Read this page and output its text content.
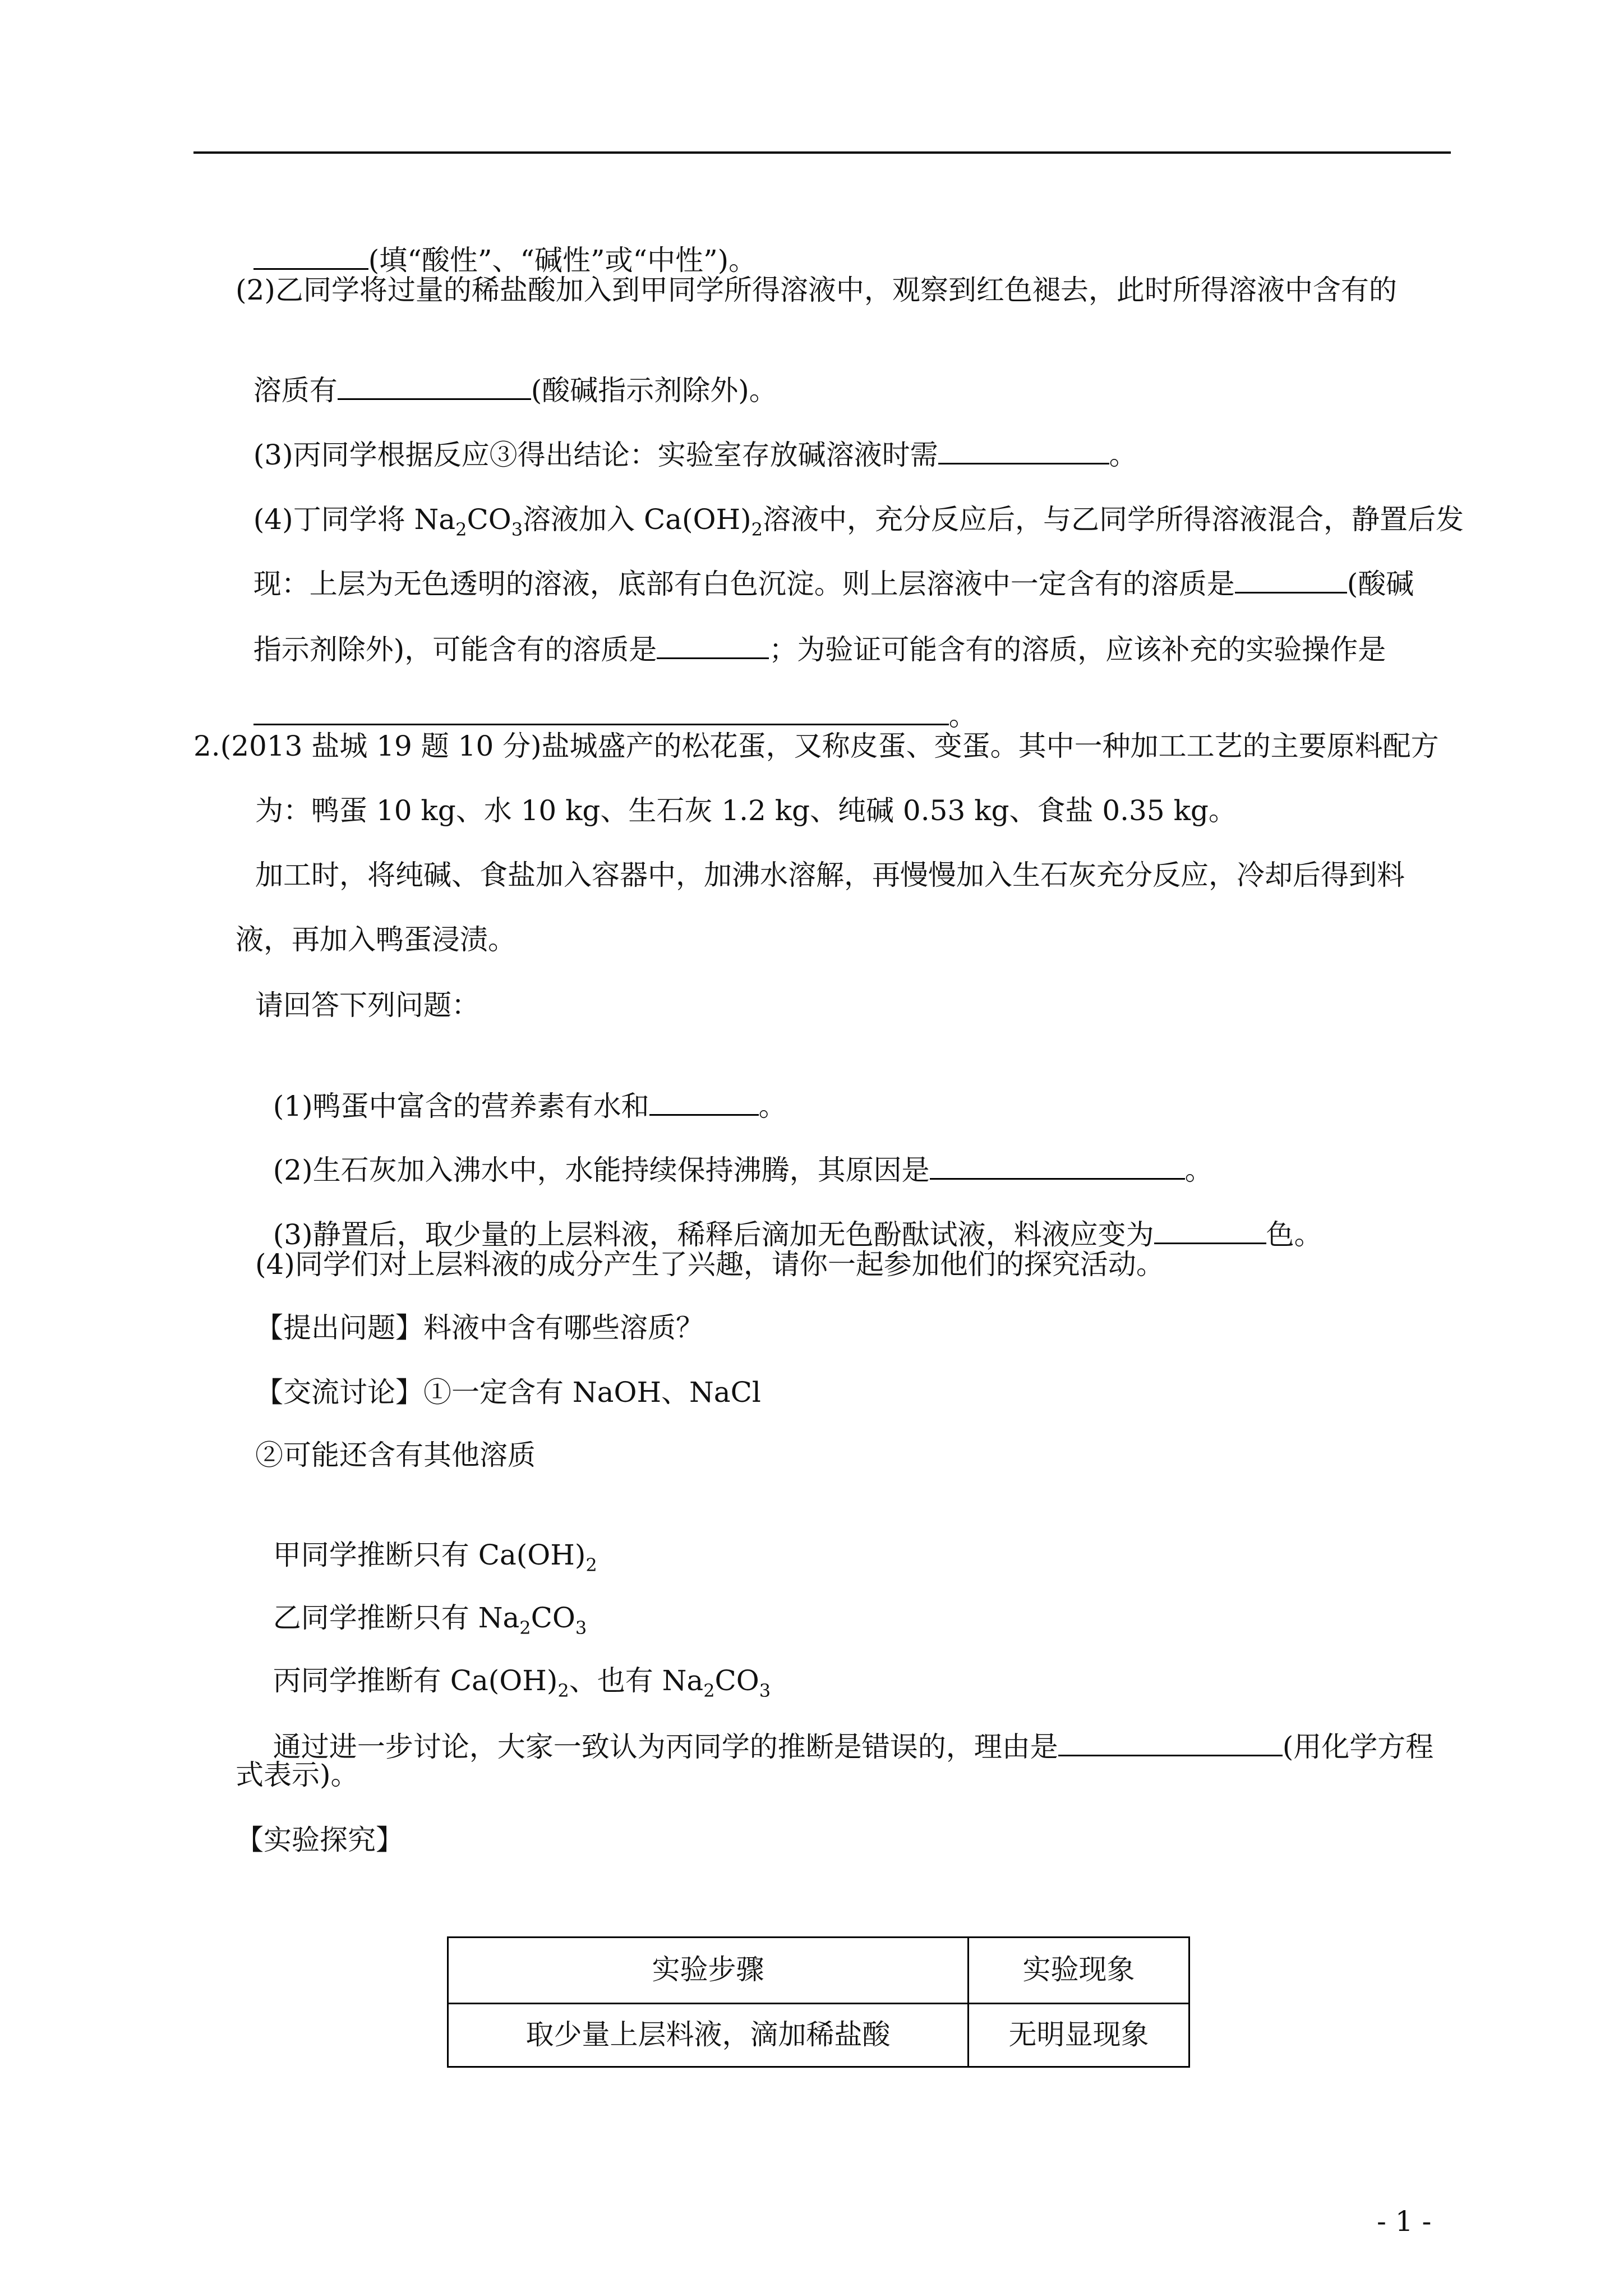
(填“酸性”、“碱性”或“中性”)。

(2)乙同学将过量的稀盐酸加入到甲同学所得溶液中，观察到红色褪去，此时所得溶液中含有的

溶质有	(酸碱指示剂除外)。

(3)丙同学根据反应③得出结论：实验室存放碱溶液时需	。

(4)丁同学将 $Na_2CO_3$溶液加入 $Ca(OH)_2$溶液中，充分反应后，与乙同学所得溶液混合，静置后发

现：上层为无色透明的溶液，底部有白色沉淀。则上层溶液中一定含有的溶质是	(酸碱

指示剂除外)，可能含有的溶质是	；为验证可能含有的溶质，应该补充的实验操作是

。

2.(2013 盐城 19 题 10 分)盐城盛产的松花蛋，又称皮蛋、变蛋。其中一种加工工艺的主要原料配方
为：鸭蛋 10 kg、水 10 kg、生石灰 1.2 kg、纯碱 0.53 kg、食盐 0.35 kg。
加工时，将纯碱、食盐加入容器中，加沸水溶解，再慢慢加入生石灰充分反应，冷却后得到料
液，再加入鸭蛋浸渍。
请回答下列问题：

(1)鸭蛋中富含的营养素有水和	。

(2)生石灰加入沸水中，水能持续保持沸腾，其原因是	。

(3)静置后，取少量的上层料液，稀释后滴加无色酚酞试液，料液应变为	色。

(4)同学们对上层料液的成分产生了兴趣，请你一起参加他们的探究活动。
【提出问题】料液中含有哪些溶质？
【交流讨论】①一定含有 NaOH、NaCl
②可能还含有其他溶质

甲同学推断只有 $Ca(OH)_2$

乙同学推断只有 $Na_2CO_3$

丙同学推断有 $Ca(OH)_2$、也有 $Na_2CO_3$

通过进一步讨论，大家一致认为丙同学的推断是错误的，理由是	(用化学方程

式表示)。
【实验探究】
实验步骤	实验现象
取少量上层料液，滴加稀盐酸	无明显现象
- 1 -
